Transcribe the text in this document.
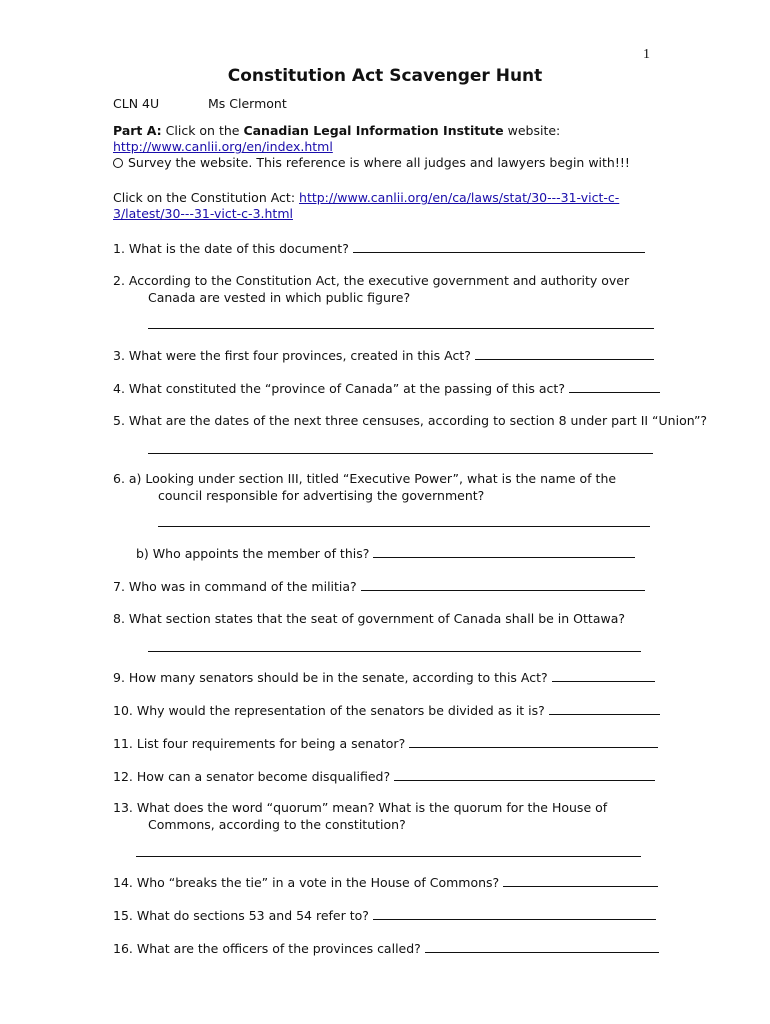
1
Constitution Act Scavenger Hunt
CLN 4U	Ms Clermont
Part A: Click on the Canadian Legal Information Institute website:
http://www.canlii.org/en/index.html
Survey the website. This reference is where all judges and lawyers begin with!!!
Click on the Constitution Act: http://www.canlii.org/en/ca/laws/stat/30---31-vict-c-
3/latest/30---31-vict-c-3.html
1. What is the date of this document?
2. According to the Constitution Act, the executive government and authority over
Canada are vested in which public figure?
3. What were the first four provinces, created in this Act?
4. What constituted the “province of Canada” at the passing of this act?
5. What are the dates of the next three censuses, according to section 8 under part II “Union”?
6. a) Looking under section III, titled “Executive Power”, what is the name of the
council responsible for advertising the government?
b) Who appoints the member of this?
7. Who was in command of the militia?
8. What section states that the seat of government of Canada shall be in Ottawa?
9. How many senators should be in the senate, according to this Act?
10. Why would the representation of the senators be divided as it is?
11. List four requirements for being a senator?
12. How can a senator become disqualified?
13. What does the word “quorum” mean? What is the quorum for the House of
Commons, according to the constitution?
14. Who “breaks the tie” in a vote in the House of Commons?
15. What do sections 53 and 54 refer to?
16. What are the officers of the provinces called?
